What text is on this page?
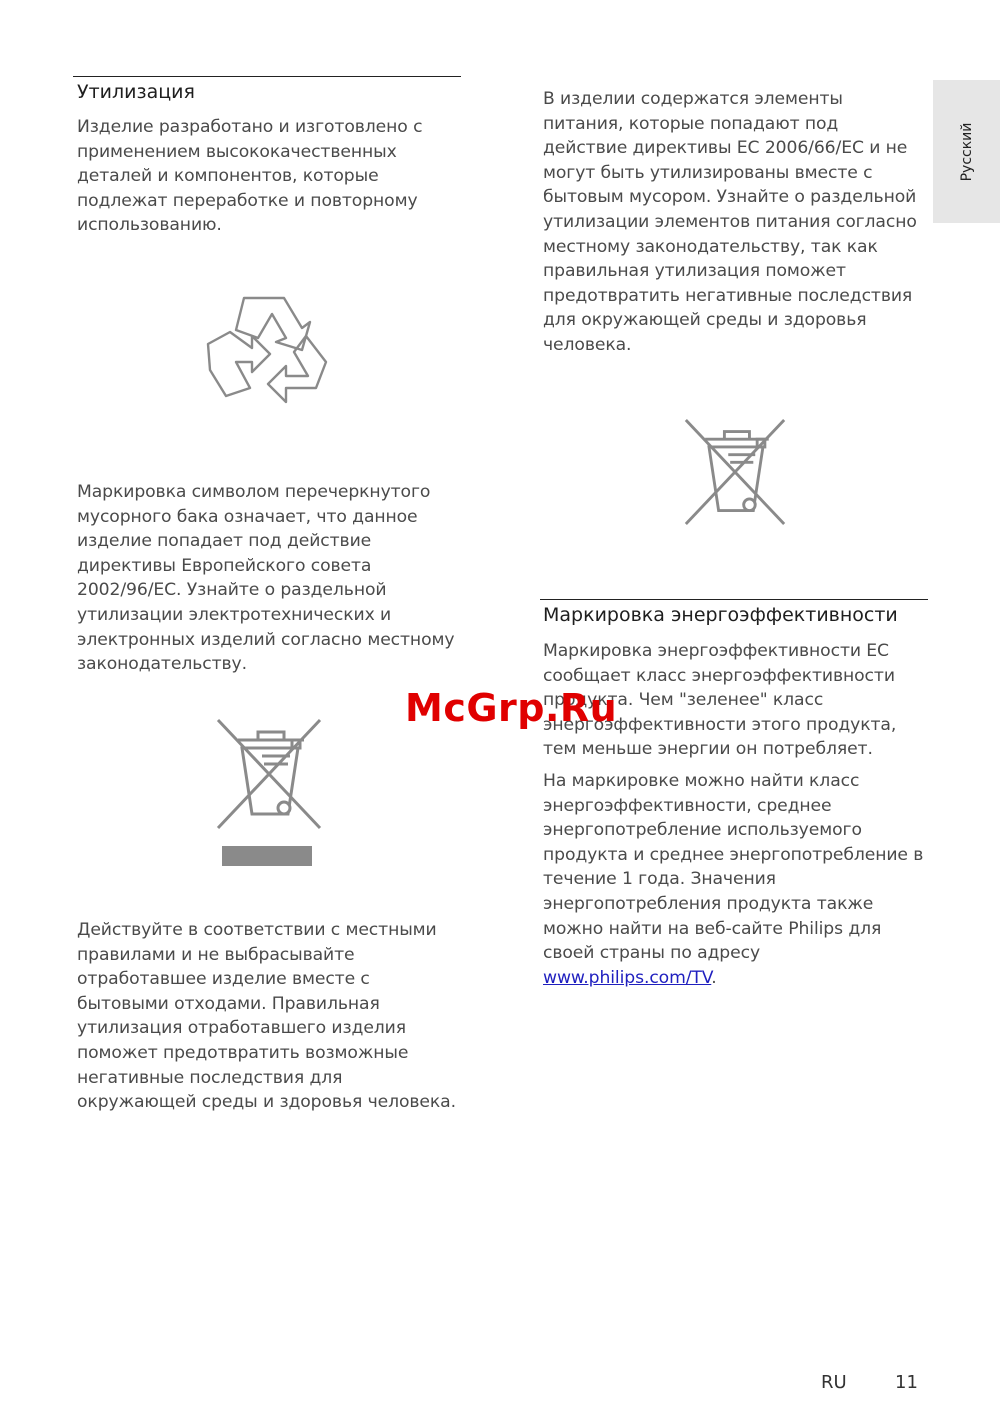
Русский
Утилизация

Изделие разработано и изготовлено с применением высококачественных деталей и компонентов, которые подлежат переработке и повторному использованию.

Маркировка символом перечеркнутого мусорного бака означает, что данное изделие попадает под действие директивы Европейского совета 2002/96/EC. Узнайте о раздельной утилизации электротехнических и электронных изделий согласно местному законодательству.

Действуйте в соответствии с местными правилами и не выбрасывайте отработавшее изделие вместе с бытовыми отходами. Правильная утилизация отработавшего изделия поможет предотвратить возможные негативные последствия для окружающей среды и здоровья человека.

В изделии содержатся элементы питания, которые попадают под действие директивы ЕС 2006/66/EC и не могут быть утилизированы вместе с бытовым мусором. Узнайте о раздельной утилизации элементов питания согласно местному законодательству, так как правильная утилизация поможет предотвратить негативные последствия для окружающей среды и здоровья человека.

Маркировка энергоэффективности

Маркировка энергоэффективности ЕС сообщает класс энергоэффективности продукта. Чем "зеленее" класс энергоэффективности этого продукта, тем меньше энергии он потребляет.

На маркировке можно найти класс энергоэффективности, среднее энергопотребление используемого продукта и среднее энергопотребление в течение 1 года. Значения энергопотребления продукта также можно найти на веб-сайте Philips для своей страны по адресу www.philips.com/TV.

McGrp.Ru
RU	11
